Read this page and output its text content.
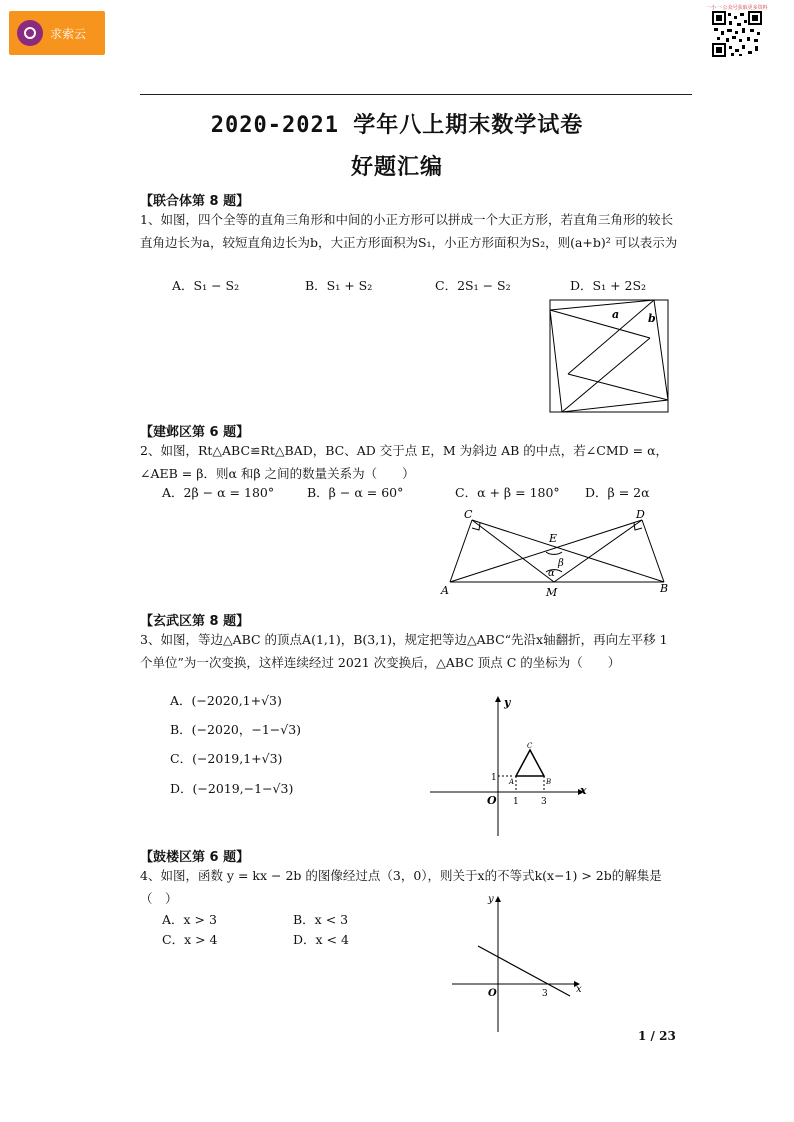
求索云
一小一·公众号获取更多资料
2020-2021 学年八上期末数学试卷
好题汇编
【联合体第 8 题】
1、如图，四个全等的直角三角形和中间的小正方形可以拼成一个大正方形，若直角三角形的较长直角边长为a，较短直角边长为b，大正方形面积为S₁，小正方形面积为S₂，则(a+b)² 可以表示为
A．S₁ − S₂	B．S₁ + S₂	C．2S₁ − S₂	D．S₁ + 2S₂
a	b
【建邺区第 6 题】
2、如图，Rt△ABC≌Rt△BAD，BC、AD 交于点 E，M 为斜边 AB 的中点，若∠CMD = α，∠AEB = β．则α 和β 之间的数量关系为（　　）
A．2β − α = 180°	B．β − α = 60°	C．α + β = 180° D．β = 2α
C	D
E
β
α
A	M	B
【玄武区第 8 题】
3、如图，等边△ABC 的顶点A(1,1)，B(3,1)，规定把等边△ABC“先沿x轴翻折，再向左平移 1 个单位”为一次变换，这样连续经过 2021 次变换后，△ABC 顶点 C 的坐标为（　　）
A．(−2020,1+√3)
B．(−2020，−1−√3)
C．(−2019,1+√3)
D．(−2019,−1−√3)
y
x
O 1 3
1 A	B
C
【鼓楼区第 6 题】
4、如图，函数 y = kx − 2b 的图像经过点（3，0），则关于x的不等式k(x−1) > 2b的解集是（　）
A．x > 3	B．x < 3
C．x > 4	D．x < 4
y
x
O	3
1 / 23
